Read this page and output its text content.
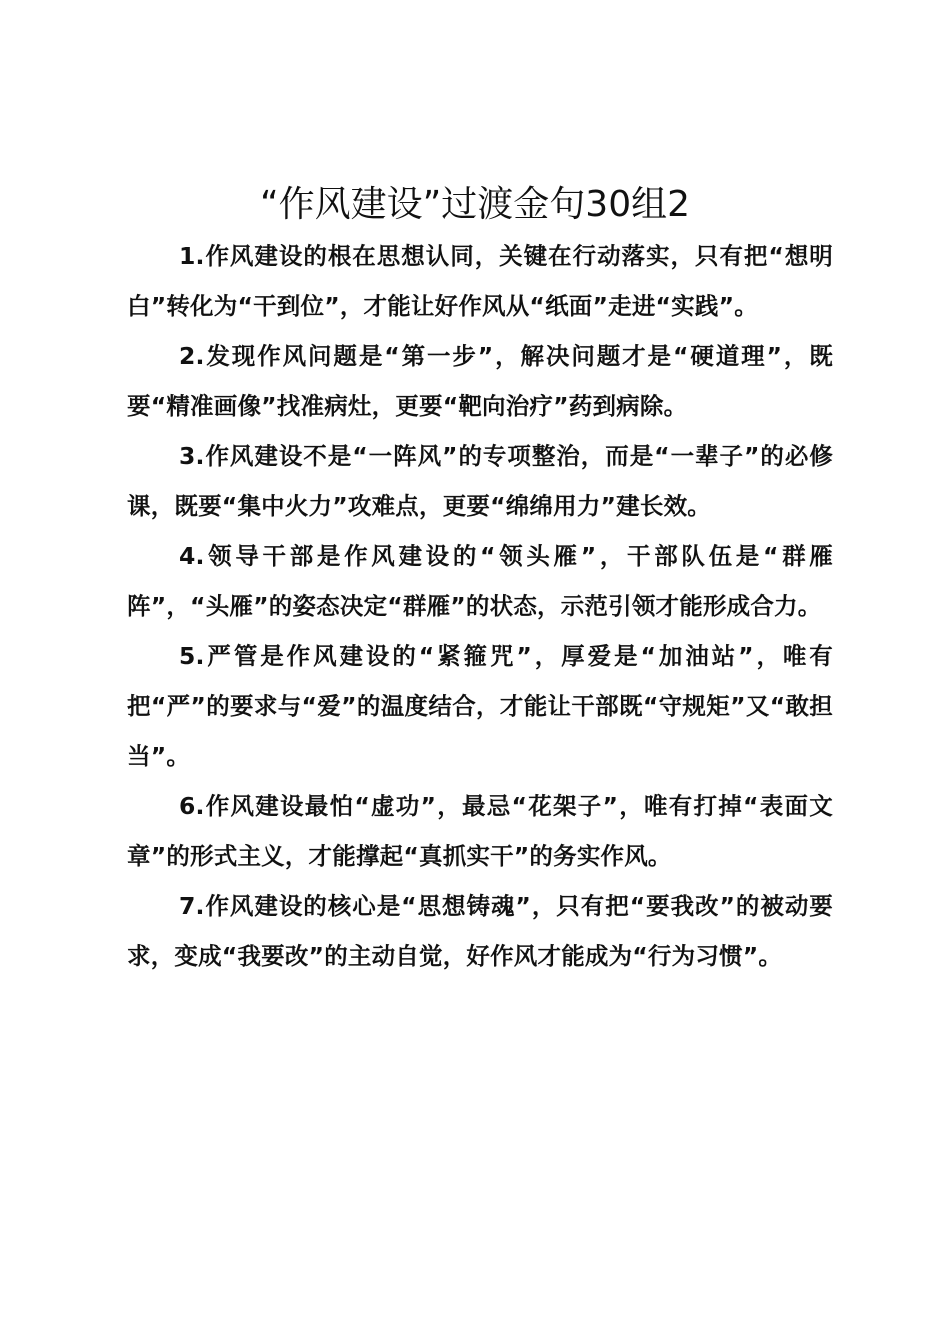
“作风建设”过渡金句30组2

1.作风建设的根在思想认同，关键在行动落实，只有把“想明白”转化为“干到位”，才能让好作风从“纸面”走进“实践”。

2.发现作风问题是“第一步”，解决问题才是“硬道理”，既要“精准画像”找准病灶，更要“靶向治疗”药到病除。

3.作风建设不是“一阵风”的专项整治，而是“一辈子”的必修课，既要“集中火力”攻难点，更要“绵绵用力”建长效。

4.领导干部是作风建设的“领头雁”，干部队伍是“群雁阵”，“头雁”的姿态决定“群雁”的状态，示范引领才能形成合力。

5.严管是作风建设的“紧箍咒”，厚爱是“加油站”，唯有把“严”的要求与“爱”的温度结合，才能让干部既“守规矩”又“敢担当”。

6.作风建设最怕“虚功”，最忌“花架子”，唯有打掉“表面文章”的形式主义，才能撑起“真抓实干”的务实作风。

7.作风建设的核心是“思想铸魂”，只有把“要我改”的被动要求，变成“我要改”的主动自觉，好作风才能成为“行为习惯”。
